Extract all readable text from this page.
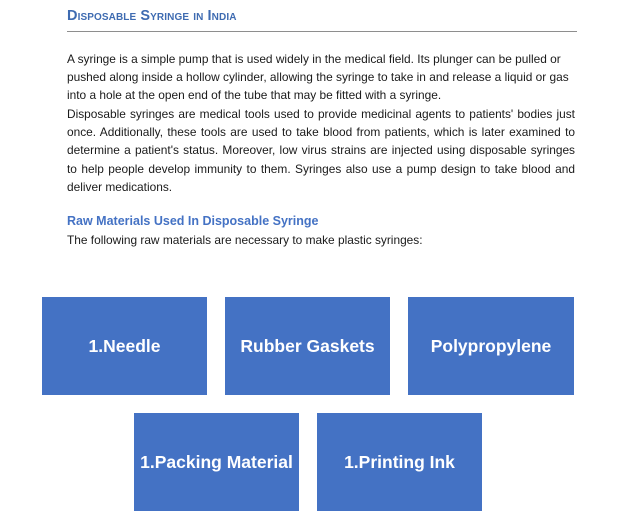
Disposable Syringe in India

A syringe is a simple pump that is used widely in the medical field. Its plunger can be pulled or pushed along inside a hollow cylinder, allowing the syringe to take in and release a liquid or gas into a hole at the open end of the tube that may be fitted with a syringe.

Disposable syringes are medical tools used to provide medicinal agents to patients' bodies just once. Additionally, these tools are used to take blood from patients, which is later examined to determine a patient's status. Moreover, low virus strains are injected using disposable syringes to help people develop immunity to them. Syringes also use a pump design to take blood and deliver medications.

Raw Materials Used In Disposable Syringe
The following raw materials are necessary to make plastic syringes:
1.Needle	Rubber Gaskets	Polypropylene
1.Packing Material	1.Printing Ink
